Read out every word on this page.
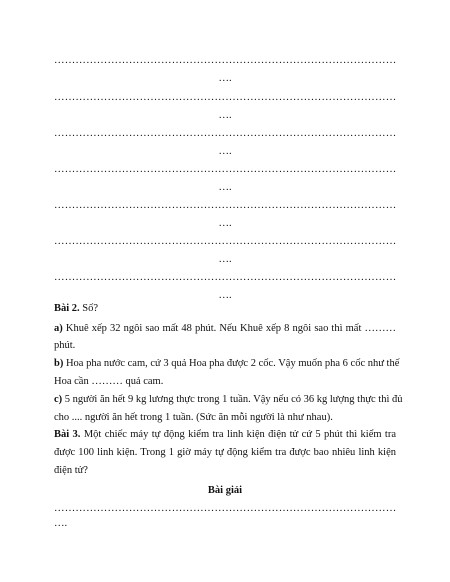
……………………………………………………………………………………
….
……………………………………………………………………………………
….
……………………………………………………………………………………
….
……………………………………………………………………………………
….
……………………………………………………………………………………
….
……………………………………………………………………………………
….
……………………………………………………………………………………
….
Bài 2. Số?
a) Khuê xếp 32 ngôi sao mất 48 phút. Nếu Khuê xếp 8 ngôi sao thì mất ………
phút.
b) Hoa pha nước cam, cứ 3 quả Hoa pha được 2 cốc. Vậy muốn pha 6 cốc như thế
Hoa cần ……… quả cam.
c) 5 người ăn hết 9 kg lương thực trong 1 tuần. Vậy nếu có 36 kg lượng thực thì đủ
cho .... người ăn hết trong 1 tuần. (Sức ăn mỗi người là như nhau).
Bài 3. Một chiếc máy tự động kiểm tra linh kiện điện tử cứ 5 phút thì kiểm tra
được 100 linh kiện. Trong 1 giờ máy tự động kiểm tra được bao nhiêu linh kiện
điện tử?
Bài giải
……………………………………………………………………………………
….
